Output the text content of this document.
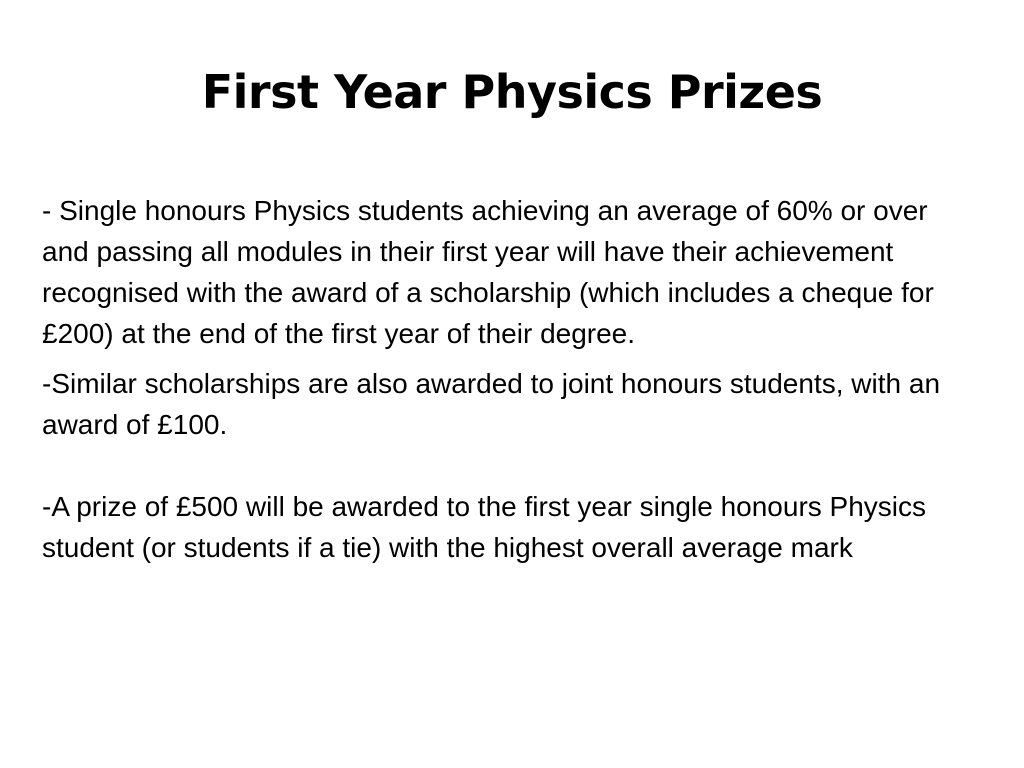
First Year Physics Prizes

- Single honours Physics students achieving an average of 60% or over and passing all modules in their first year will have their achievement recognised with the award of a scholarship (which includes a cheque for £200) at the end of the first year of their degree.

-Similar scholarships are also awarded to joint honours students, with an award of £100.

-A prize of £500 will be awarded to the first year single honours Physics student (or students if a tie) with the highest overall average mark
